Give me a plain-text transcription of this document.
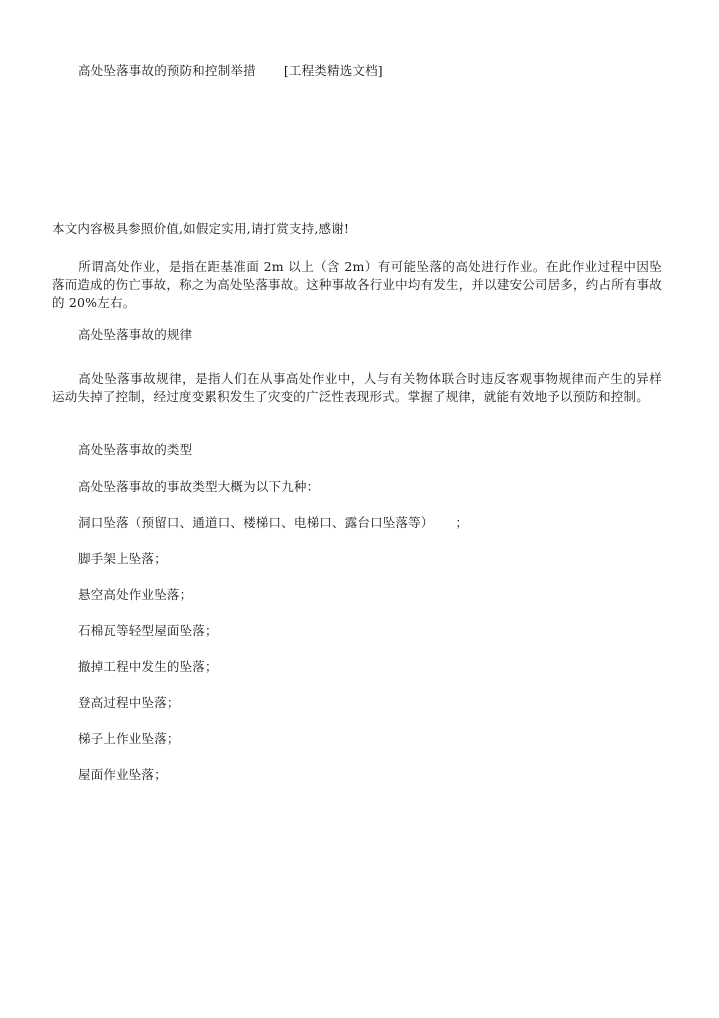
高处坠落事故的预防和控制举措 [工程类精选文档]
本文内容极具参照价值,如假定实用,请打赏支持,感谢!
所谓高处作业，是指在距基准面 2m 以上（含 2m）有可能坠落的高处进行作业。在此作业过程中因坠落而造成的伤亡事故，称之为高处坠落事故。这种事故各行业中均有发生，并以建安公司居多，约占所有事故的 20%左右。
高处坠落事故的规律
高处坠落事故规律，是指人们在从事高处作业中，人与有关物体联合时违反客观事物规律而产生的异样运动失掉了控制，经过度变累积发生了灾变的广泛性表现形式。掌握了规律，就能有效地予以预防和控制。
高处坠落事故的类型
高处坠落事故的事故类型大概为以下九种：
洞口坠落（预留口、通道口、楼梯口、电梯口、露台口坠落等） ；
脚手架上坠落；
悬空高处作业坠落；
石棉瓦等轻型屋面坠落；
撤掉工程中发生的坠落；
登高过程中坠落；
梯子上作业坠落；
屋面作业坠落；
